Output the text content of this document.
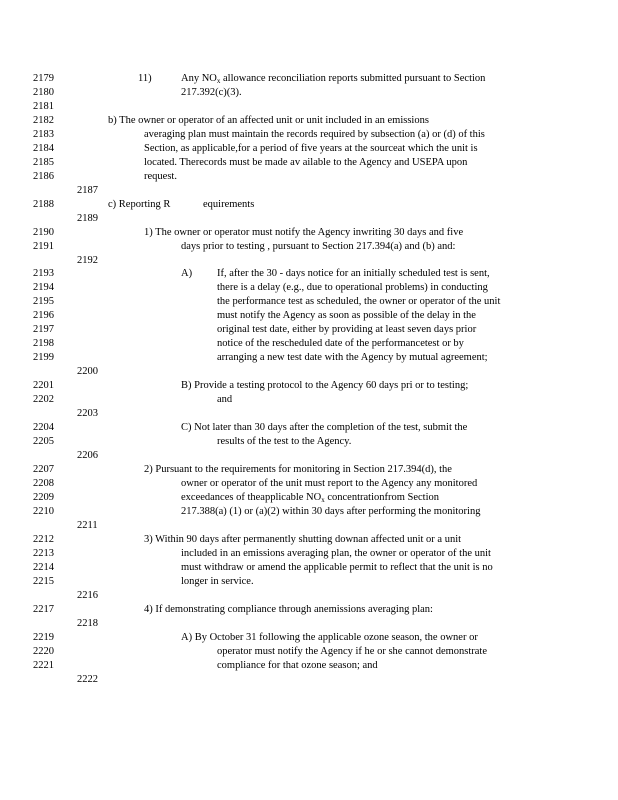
2179	11)	Any $NO_x$ allowance reconciliation reports submitted pursuant to Section
2180	217.392(c)(3).
2181
2182	b) The owner or operator of an affected unit or unit included in an emissions
2183	averaging plan must maintain the records required by subsection (a) or (d) of this
2184	Section, as applicable,for a period of five years at the sourceat which the unit is
2185	located. Therecords must be made av ailable to the Agency and USEPA upon
2186	request.
2187
2188	c) Reporting R	equirements
2189
2190	1) The owner or operator must notify the Agency inwriting 30 days and five
2191	days prior to testing , pursuant to Section 217.394(a) and (b) and:
2192
2193	A) If, after the 30 - days notice for an initially scheduled test is sent,
2194	there is a delay (e.g., due to operational problems) in conducting
2195	the performance test as scheduled, the owner or operator of the unit
2196	must notify the Agency as soon as possible of the delay in the
2197	original test date, either by providing at least seven days prior
2198	notice of the rescheduled date of the performancetest or by
2199	arranging a new test date with the Agency by mutual agreement;
2200
2201	B) Provide a testing protocol to the Agency 60 days pri or to testing;
2202	and
2203
2204	C) Not later than 30 days after the completion of the test, submit the
2205	results of the test to the Agency.
2206
2207	2) Pursuant to the requirements for monitoring in Section 217.394(d), the
2208	owner or operator of the unit must report to the Agency any monitored
2209	exceedances of theapplicable $NO_x$ concentrationfrom Section
2210	217.388(a) (1) or (a)(2) within 30 days after performing the monitoring
2211
2212	3) Within 90 days after permanently shutting downan affected unit or a unit
2213	included in an emissions averaging plan, the owner or operator of the unit
2214	must withdraw or amend the applicable permit to reflect that the unit is no
2215	longer in service.
2216
2217	4) If demonstrating compliance through anemissions averaging plan:
2218
2219	A) By October 31 following the applicable ozone season, the owner or
2220	operator must notify the Agency if he or she cannot demonstrate
2221	compliance for that ozone season; and
2222
